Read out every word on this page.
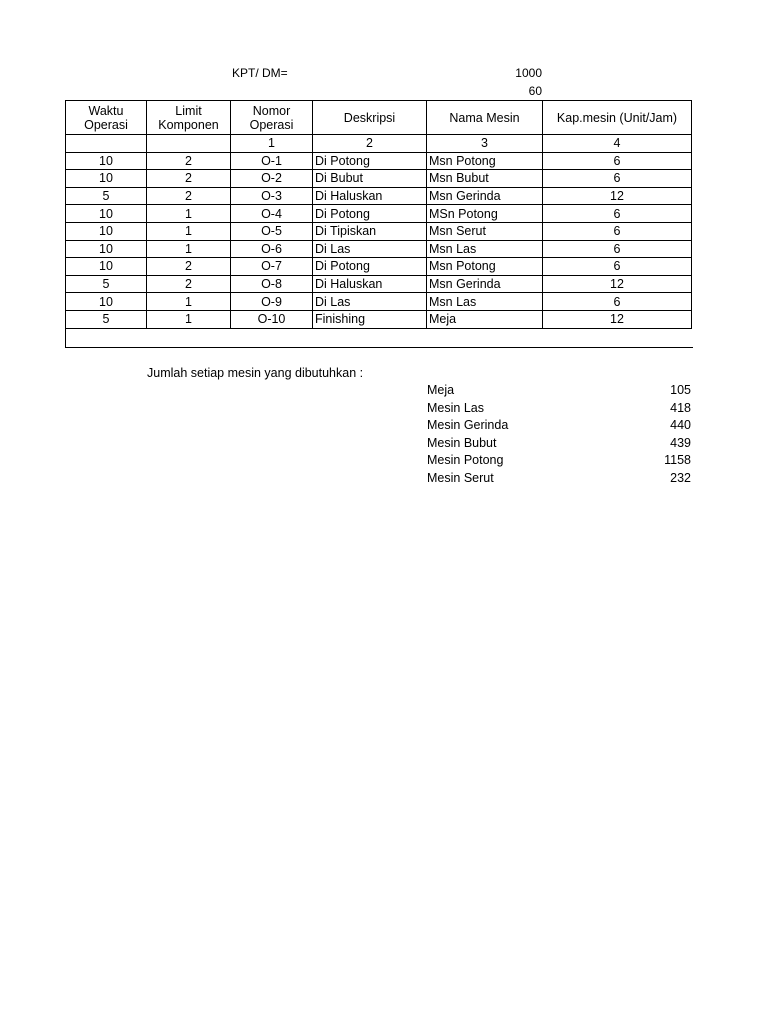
KPT/ DM=	1000
60
Waktu Operasi	Limit Komponen	Nomor Operasi	Deskripsi	Nama Mesin	Kap.mesin (Unit/Jam)
		1	2	3	4
10	2	O-1	Di Potong	Msn Potong	6
10	2	O-2	Di Bubut	Msn Bubut	6
5	2	O-3	Di Haluskan	Msn Gerinda	12
10	1	O-4	Di Potong	MSn Potong	6
10	1	O-5	Di Tipiskan	Msn Serut	6
10	1	O-6	Di Las	Msn Las	6
10	2	O-7	Di Potong	Msn Potong	6
5	2	O-8	Di Haluskan	Msn Gerinda	12
10	1	O-9	Di Las	Msn Las	6
5	1	O-10	Finishing	Meja	12
Jumlah setiap mesin yang dibutuhkan :
Meja	105
Mesin Las	418
Mesin Gerinda	440
Mesin Bubut	439
Mesin Potong	1158
Mesin Serut	232
